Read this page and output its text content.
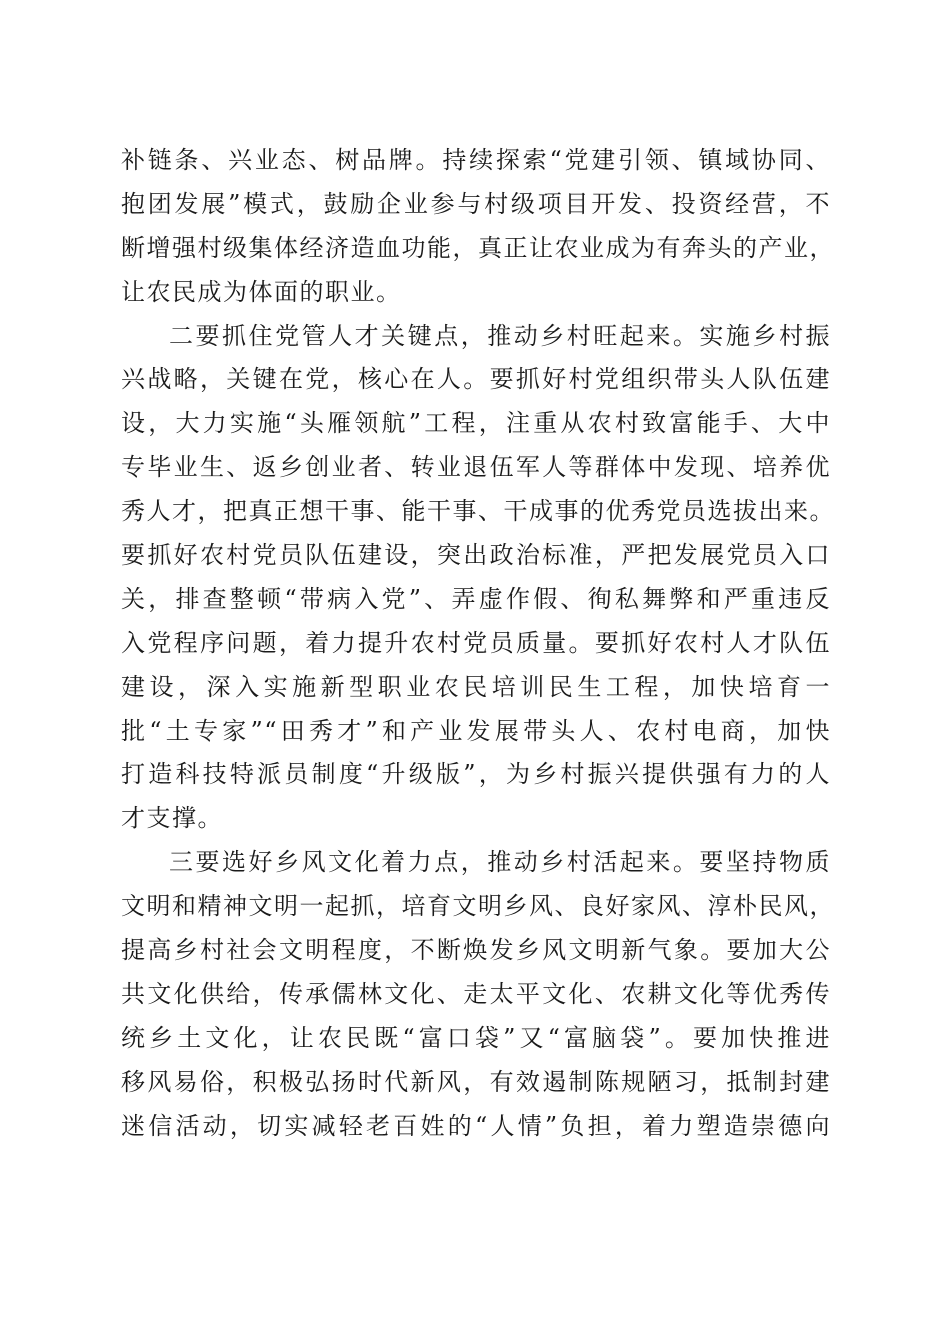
补链条、兴业态、树品牌。持续探索“党建引领、镇域协同、
抱团发展”模式，鼓励企业参与村级项目开发、投资经营，不
断增强村级集体经济造血功能，真正让农业成为有奔头的产业，
让农民成为体面的职业。
二要抓住党管人才关键点，推动乡村旺起来。实施乡村振
兴战略，关键在党，核心在人。要抓好村党组织带头人队伍建
设，大力实施“头雁领航”工程，注重从农村致富能手、大中
专毕业生、返乡创业者、转业退伍军人等群体中发现、培养优
秀人才，把真正想干事、能干事、干成事的优秀党员选拔出来。
要抓好农村党员队伍建设，突出政治标准，严把发展党员入口
关，排查整顿“带病入党”、弄虚作假、徇私舞弊和严重违反
入党程序问题，着力提升农村党员质量。要抓好农村人才队伍
建设，深入实施新型职业农民培训民生工程，加快培育一
批“土专家”“田秀才”和产业发展带头人、农村电商，加快
打造科技特派员制度“升级版”，为乡村振兴提供强有力的人
才支撑。
三要选好乡风文化着力点，推动乡村活起来。要坚持物质
文明和精神文明一起抓，培育文明乡风、良好家风、淳朴民风，
提高乡村社会文明程度，不断焕发乡风文明新气象。要加大公
共文化供给，传承儒林文化、走太平文化、农耕文化等优秀传
统乡土文化，让农民既“富口袋”又“富脑袋”。要加快推进
移风易俗，积极弘扬时代新风，有效遏制陈规陋习，抵制封建
迷信活动，切实减轻老百姓的“人情”负担，着力塑造崇德向
